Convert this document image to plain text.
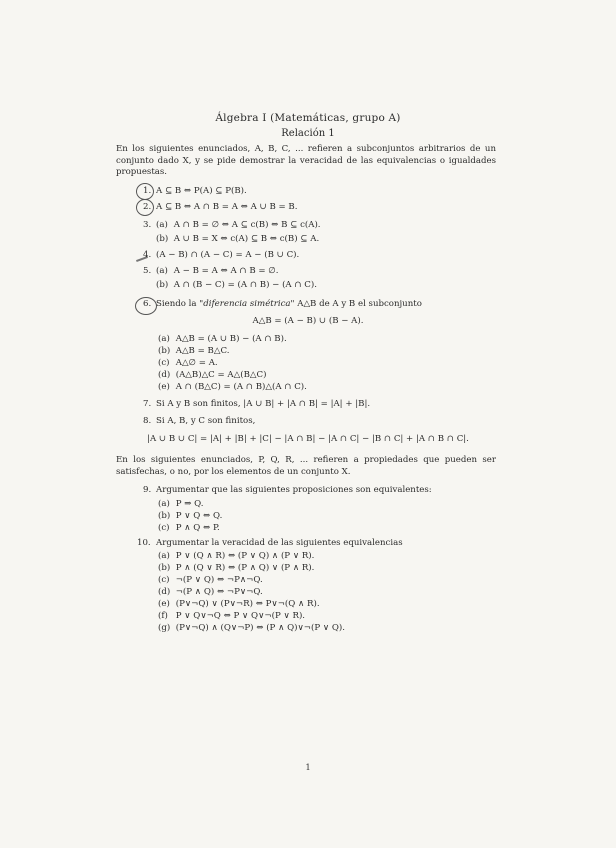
Álgebra I (Matemáticas, grupo A)
Relación 1
En los siguientes enunciados, A, B, C, ... refieren a subconjuntos arbitrarios de un conjunto dado X, y se pide demostrar la veracidad de las equivalencias o igualdades propuestas.
1. A ⊆ B ⇔ P(A) ⊆ P(B).
2. A ⊆ B ⇔ A ∩ B = A ⇔ A ∪ B = B.
3. (a) A ∩ B = ∅ ⇔ A ⊆ c(B) ⇔ B ⊆ c(A).
(b) A ∪ B = X ⇔ c(A) ⊆ B ⇔ c(B) ⊆ A.
4. (A − B) ∩ (A − C) = A − (B ∪ C).
5. (a) A − B = A ⇔ A ∩ B = ∅.
(b) A ∩ (B − C) = (A ∩ B) − (A ∩ C).
6. Siendo la "diferencia simétrica" A△B de A y B el subconjunto
A△B = (A − B) ∪ (B − A).
(a) A△B = (A ∪ B) − (A ∩ B).
(b) A△B = B△C.
(c) A△∅ = A.
(d) (A△B)△C = A△(B△C)
(e) A ∩ (B△C) = (A ∩ B)△(A ∩ C).
7. Si A y B son finitos, |A ∪ B| + |A ∩ B| = |A| + |B|.
8. Si A, B, y C son finitos,
|A ∪ B ∪ C| = |A| + |B| + |C| − |A ∩ B| − |A ∩ C| − |B ∩ C| + |A ∩ B ∩ C|.
En los siguientes enunciados, P, Q, R, ... refieren a propiedades que pueden ser satisfechas, o no, por los elementos de un conjunto X.
9. Argumentar que las siguientes proposiciones son equivalentes:
(a) P ⇒ Q.
(b) P ∨ Q ⇔ Q.
(c) P ∧ Q ⇔ P.
10. Argumentar la veracidad de las siguientes equivalencias
(a) P ∨ (Q ∧ R) ⇔ (P ∨ Q) ∧ (P ∨ R).
(b) P ∧ (Q ∨ R) ⇔ (P ∧ Q) ∨ (P ∧ R).
(c) ¬(P ∨ Q) ⇔ ¬P∧¬Q.
(d) ¬(P ∧ Q) ⇔ ¬P∨¬Q.
(e) (P∨¬Q) ∨ (P∨¬R) ⇔ P∨¬(Q ∧ R).
(f) P ∨ Q∨¬Q ⇔ P ∨ Q∨¬(P ∨ R).
(g) (P∨¬Q) ∧ (Q∨¬P) ⇔ (P ∧ Q)∨¬(P ∨ Q).
1
